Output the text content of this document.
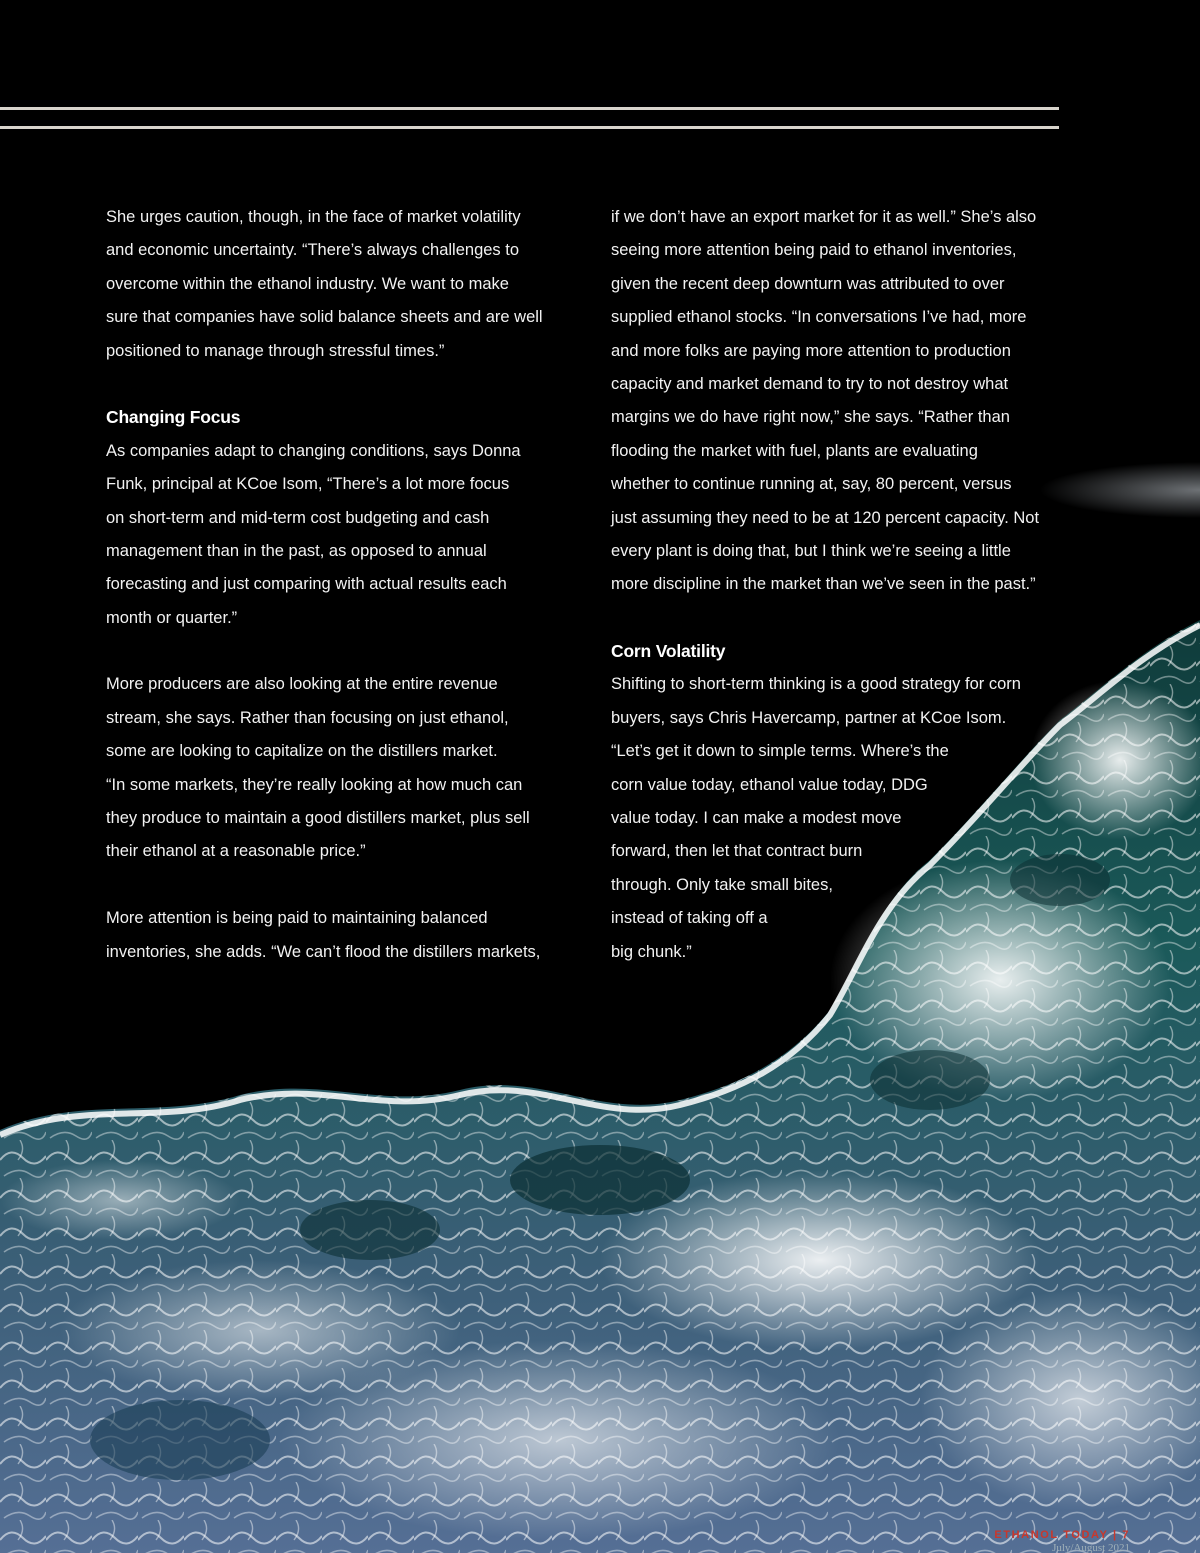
She urges caution, though, in the face of market volatility
and economic uncertainty. “There’s always challenges to
overcome within the ethanol industry. We want to make
sure that companies have solid balance sheets and are well
positioned to manage through stressful times.”
Changing Focus
As companies adapt to changing conditions, says Donna
Funk, principal at KCoe Isom, “There’s a lot more focus
on short-term and mid-term cost budgeting and cash
management than in the past, as opposed to annual
forecasting and just comparing with actual results each
month or quarter.”
More producers are also looking at the entire revenue
stream, she says. Rather than focusing on just ethanol,
some are looking to capitalize on the distillers market.
“In some markets, they’re really looking at how much can
they produce to maintain a good distillers market, plus sell
their ethanol at a reasonable price.”
More attention is being paid to maintaining balanced
inventories, she adds. “We can’t flood the distillers markets,
if we don’t have an export market for it as well.” She’s also
seeing more attention being paid to ethanol inventories,
given the recent deep downturn was attributed to over
supplied ethanol stocks. “In conversations I’ve had, more
and more folks are paying more attention to production
capacity and market demand to try to not destroy what
margins we do have right now,” she says. “Rather than
flooding the market with fuel, plants are evaluating
whether to continue running at, say, 80 percent, versus
just assuming they need to be at 120 percent capacity. Not
every plant is doing that, but I think we’re seeing a little
more discipline in the market than we’ve seen in the past.”
Corn Volatility
Shifting to short-term thinking is a good strategy for corn
buyers, says Chris Havercamp, partner at KCoe Isom.
“Let’s get it down to simple terms. Where’s the
corn value today, ethanol value today, DDG
value today. I can make a modest move
forward, then let that contract burn
through. Only take small bites,
instead of taking off a
big chunk.”
ETHANOL TODAY | 7
July/August 2021
